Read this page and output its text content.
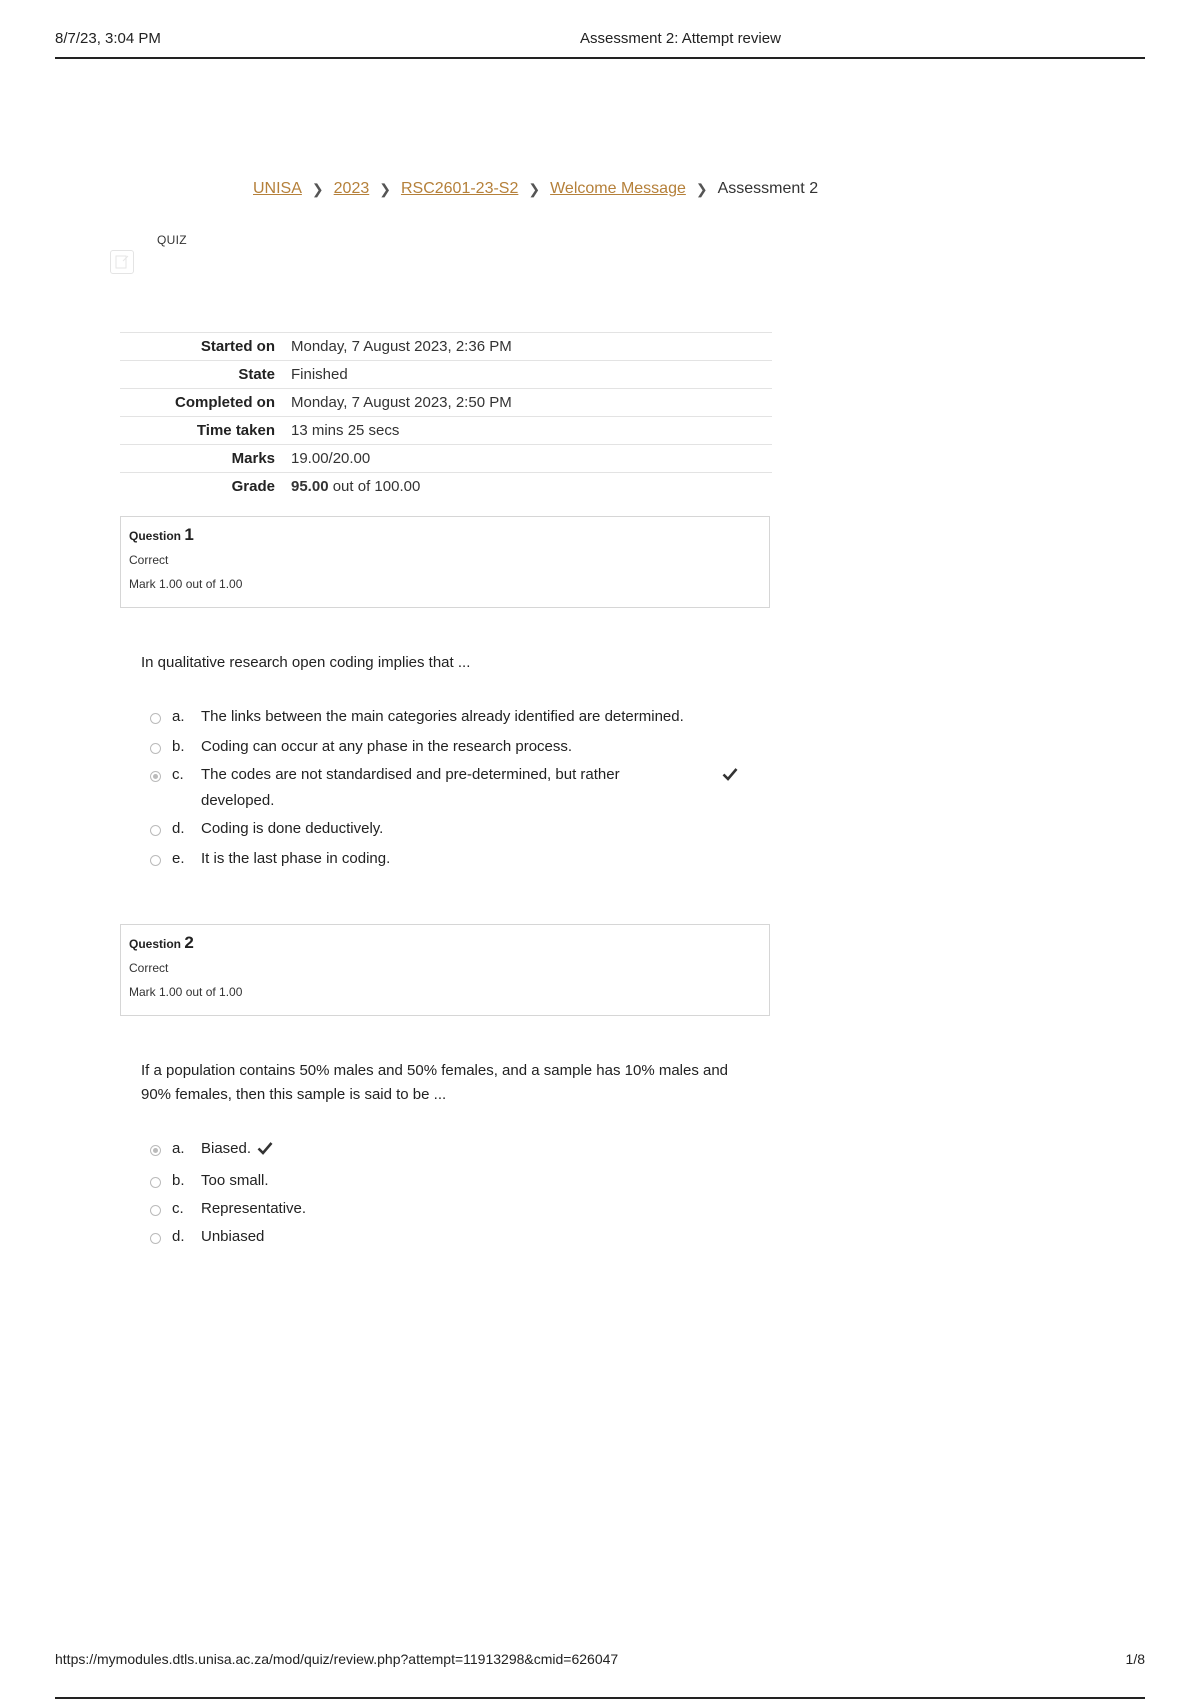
8/7/23, 3:04 PM	Assessment 2: Attempt review
UNISA ❯ 2023 ❯ RSC2601-23-S2 ❯ Welcome Message ❯ Assessment 2
QUIZ
Started on	Monday, 7 August 2023, 2:36 PM
State	Finished
Completed on	Monday, 7 August 2023, 2:50 PM
Time taken	13 mins 25 secs
Marks	19.00/20.00
Grade	95.00 out of 100.00
Question 1
Correct
Mark 1.00 out of 1.00
In qualitative research open coding implies that ...
a.	The links between the main categories already identified are determined.
b.	Coding can occur at any phase in the research process.
c.	The codes are not standardised and pre-determined, but rather developed.
d.	Coding is done deductively.
e.	It is the last phase in coding.
Question 2
Correct
Mark 1.00 out of 1.00
If a population contains 50% males and 50% females, and a sample has 10% males and 90% females, then this sample is said to be ...
a.	Biased.
b.	Too small.
c.	Representative.
d.	Unbiased
https://mymodules.dtls.unisa.ac.za/mod/quiz/review.php?attempt=11913298&cmid=626047	1/8
